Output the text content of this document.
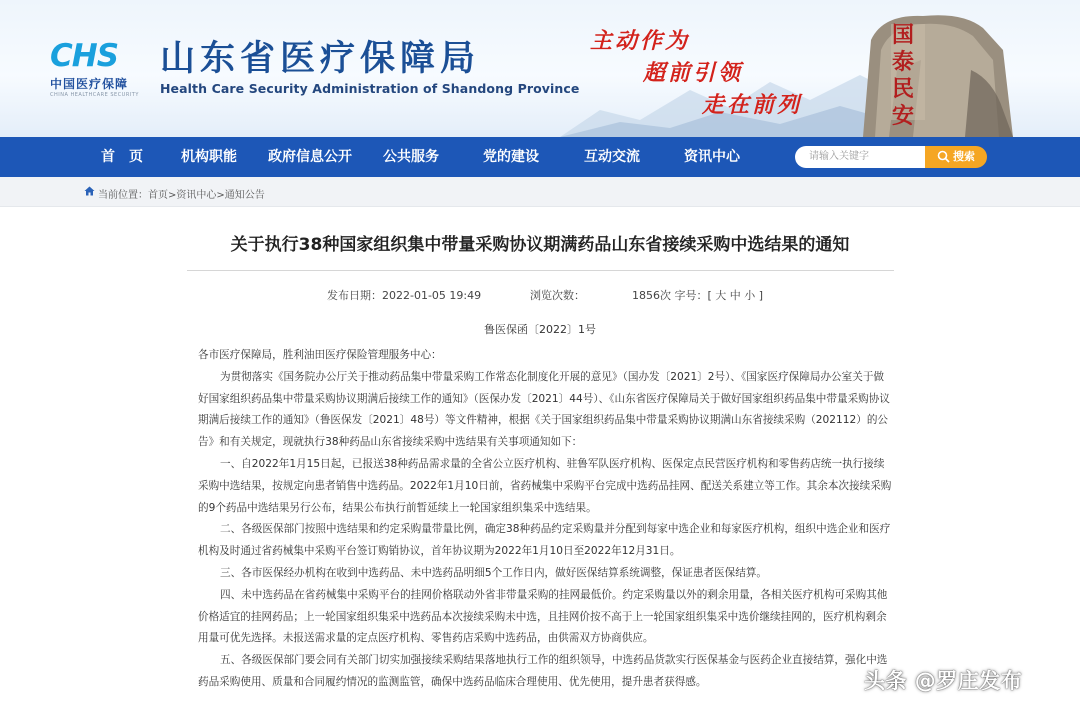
CHS
中国医疗保障
CHINA HEALTHCARE SECURITY
山东省医疗保障局
Health Care Security Administration of Shandong Province
主动作为
超前引领
走在前列
国泰民安
首　页	机构职能 政府信息公开 公共服务	党的建设	互动交流	资讯中心	请输入关键字	搜索
当前位置：首页>资讯中心>通知公告
关于执行38种国家组织集中带量采购协议期满药品山东省接续采购中选结果的通知
发布日期：2022-01-05 19:49	浏览次数：	1856次 字号：[ 大 中 小 ]
鲁医保函〔2022〕1号

各市医疗保障局，胜利油田医疗保险管理服务中心：

为贯彻落实《国务院办公厅关于推动药品集中带量采购工作常态化制度化开展的意见》（国办发〔2021〕2号）、《国家医疗保障局办公室关于做好国家组织药品集中带量采购协议期满后接续工作的通知》（医保办发〔2021〕44号）、《山东省医疗保障局关于做好国家组织药品集中带量采购协议期满后接续工作的通知》（鲁医保发〔2021〕48号）等文件精神，根据《关于国家组织药品集中带量采购协议期满山东省接续采购（202112）的公告》和有关规定，现就执行38种药品山东省接续采购中选结果有关事项通知如下：

一、自2022年1月15日起，已报送38种药品需求量的全省公立医疗机构、驻鲁军队医疗机构、医保定点民营医疗机构和零售药店统一执行接续采购中选结果，按规定向患者销售中选药品。2022年1月10日前，省药械集中采购平台完成中选药品挂网、配送关系建立等工作。其余本次接续采购的9个药品中选结果另行公布，结果公布执行前暂延续上一轮国家组织集采中选结果。

二、各级医保部门按照中选结果和约定采购量带量比例，确定38种药品约定采购量并分配到每家中选企业和每家医疗机构，组织中选企业和医疗机构及时通过省药械集中采购平台签订购销协议，首年协议期为2022年1月10日至2022年12月31日。

三、各市医保经办机构在收到中选药品、未中选药品明细5个工作日内，做好医保结算系统调整，保证患者医保结算。

四、未中选药品在省药械集中采购平台的挂网价格联动外省非带量采购的挂网最低价。约定采购量以外的剩余用量，各相关医疗机构可采购其他价格适宜的挂网药品；上一轮国家组织集采中选药品本次接续采购未中选，且挂网价按不高于上一轮国家组织集采中选价继续挂网的，医疗机构剩余用量可优先选择。未报送需求量的定点医疗机构、零售药店采购中选药品，由供需双方协商供应。

五、各级医保部门要会同有关部门切实加强接续采购结果落地执行工作的组织领导，中选药品货款实行医保基金与医药企业直接结算，强化中选药品采购使用、质量和合同履约情况的监测监管，确保中选药品临床合理使用、优先使用，提升患者获得感。	头条 @罗庄发布
